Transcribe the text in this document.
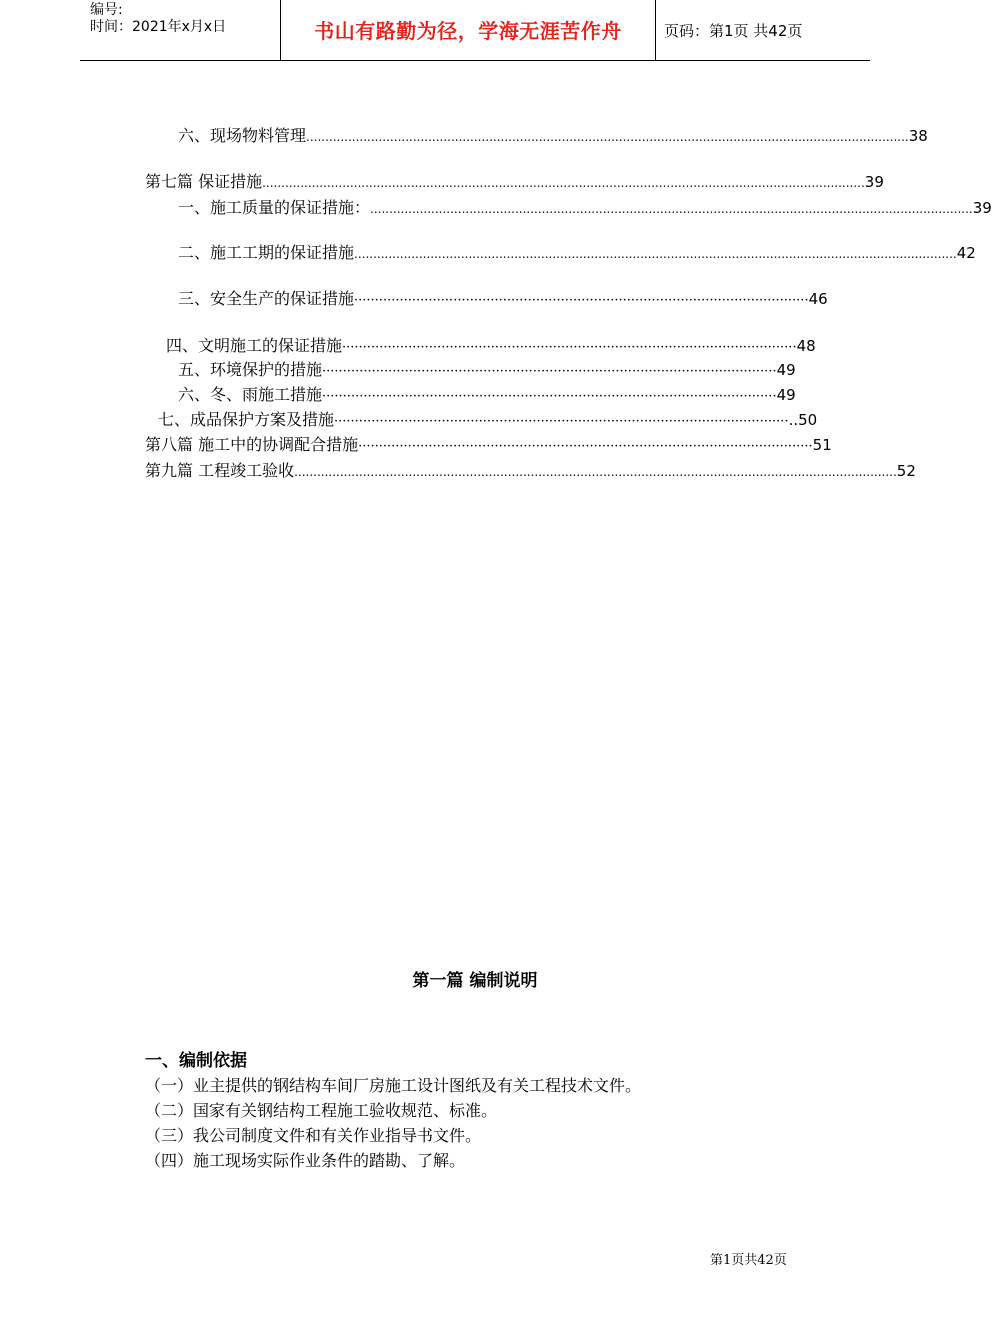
编号:
时间：2021年x月x日	书山有路勤为径，学海无涯苦作舟	页码：第1页 共42页
六、现场物料管理 .............................................................................................................................................................. 38
第七篇 保证措施 .............................................................................................................................................................. 39
一、施工质量的保证措施： .............................................................................................................................................................. 39
二、施工工期的保证措施 .............................................................................................................................................................. 42
三、安全生产的保证措施 ·············································································································· 46
四、文明施工的保证措施 ·············································································································· 48
五、环境保护的措施 ·············································································································· 49
六、冬、雨施工措施 ·············································································································· 49
七、成品保护方案及措施 ·············································································································· ..50
第八篇 施工中的协调配合措施 ·············································································································· 51
第九篇 工程竣工验收 .............................................................................................................................................................. 52
第一篇 编制说明
一、编制依据
（一）业主提供的钢结构车间厂房施工设计图纸及有关工程技术文件。
（二）国家有关钢结构工程施工验收规范、标准。
（三）我公司制度文件和有关作业指导书文件。
（四）施工现场实际作业条件的踏勘、了解。
第1页共42页
